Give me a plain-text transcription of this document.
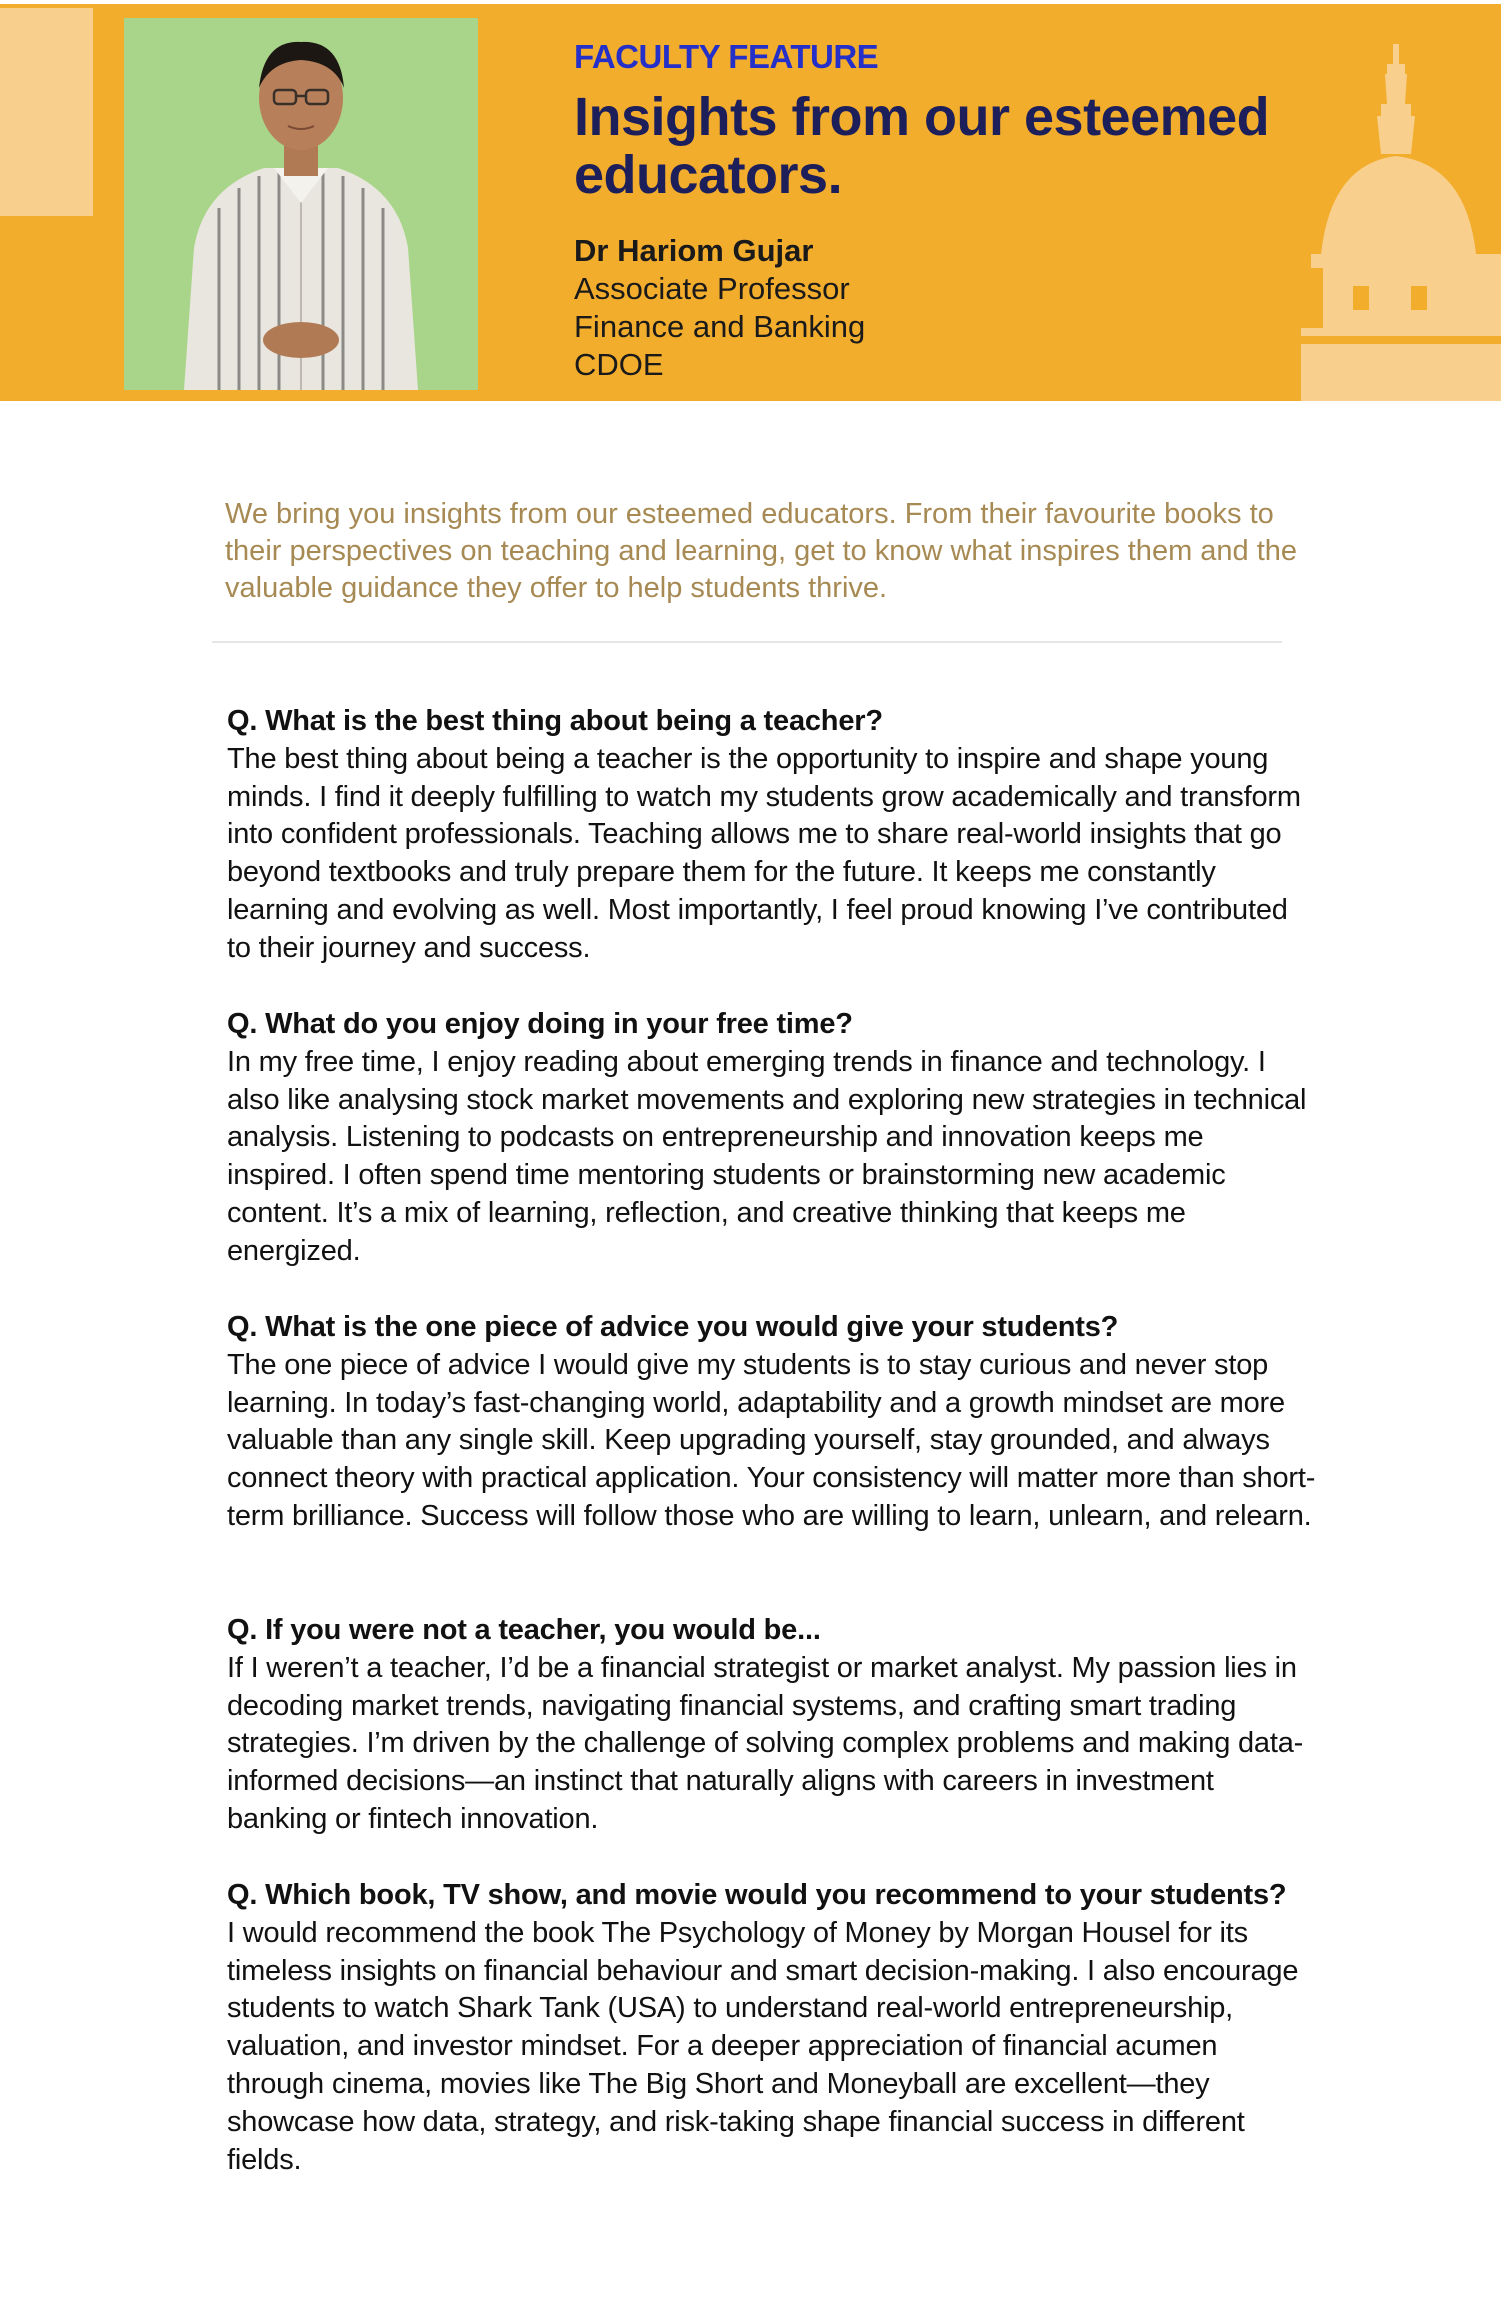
FACULTY FEATURE
Insights from our esteemed educators.
Dr Hariom Gujar
Associate Professor
Finance and Banking
CDOE
We bring you insights from our esteemed educators. From their favourite books to their perspectives on teaching and learning, get to know what inspires them and the valuable guidance they offer to help students thrive.
Q. What is the best thing about being a teacher?
The best thing about being a teacher is the opportunity to inspire and shape young minds. I find it deeply fulfilling to watch my students grow academically and transform into confident professionals. Teaching allows me to share real-world insights that go beyond textbooks and truly prepare them for the future. It keeps me constantly learning and evolving as well. Most importantly, I feel proud knowing I’ve contributed to their journey and success.
Q. What do you enjoy doing in your free time?
In my free time, I enjoy reading about emerging trends in finance and technology. I also like analysing stock market movements and exploring new strategies in technical analysis. Listening to podcasts on entrepreneurship and innovation keeps me inspired. I often spend time mentoring students or brainstorming new academic content. It’s a mix of learning, reflection, and creative thinking that keeps me energized.
Q. What is the one piece of advice you would give your students?
The one piece of advice I would give my students is to stay curious and never stop learning. In today’s fast-changing world, adaptability and a growth mindset are more valuable than any single skill. Keep upgrading yourself, stay grounded, and always connect theory with practical application. Your consistency will matter more than short-term brilliance. Success will follow those who are willing to learn, unlearn, and relearn.
Q. If you were not a teacher, you would be...
If I weren’t a teacher, I’d be a financial strategist or market analyst. My passion lies in decoding market trends, navigating financial systems, and crafting smart trading strategies. I’m driven by the challenge of solving complex problems and making data-informed decisions—an instinct that naturally aligns with careers in investment banking or fintech innovation.
Q. Which book, TV show, and movie would you recommend to your students?
I would recommend the book The Psychology of Money by Morgan Housel for its timeless insights on financial behaviour and smart decision-making. I also encourage students to watch Shark Tank (USA) to understand real-world entrepreneurship, valuation, and investor mindset. For a deeper appreciation of financial acumen through cinema, movies like The Big Short and Moneyball are excellent—they showcase how data, strategy, and risk-taking shape financial success in different fields.
